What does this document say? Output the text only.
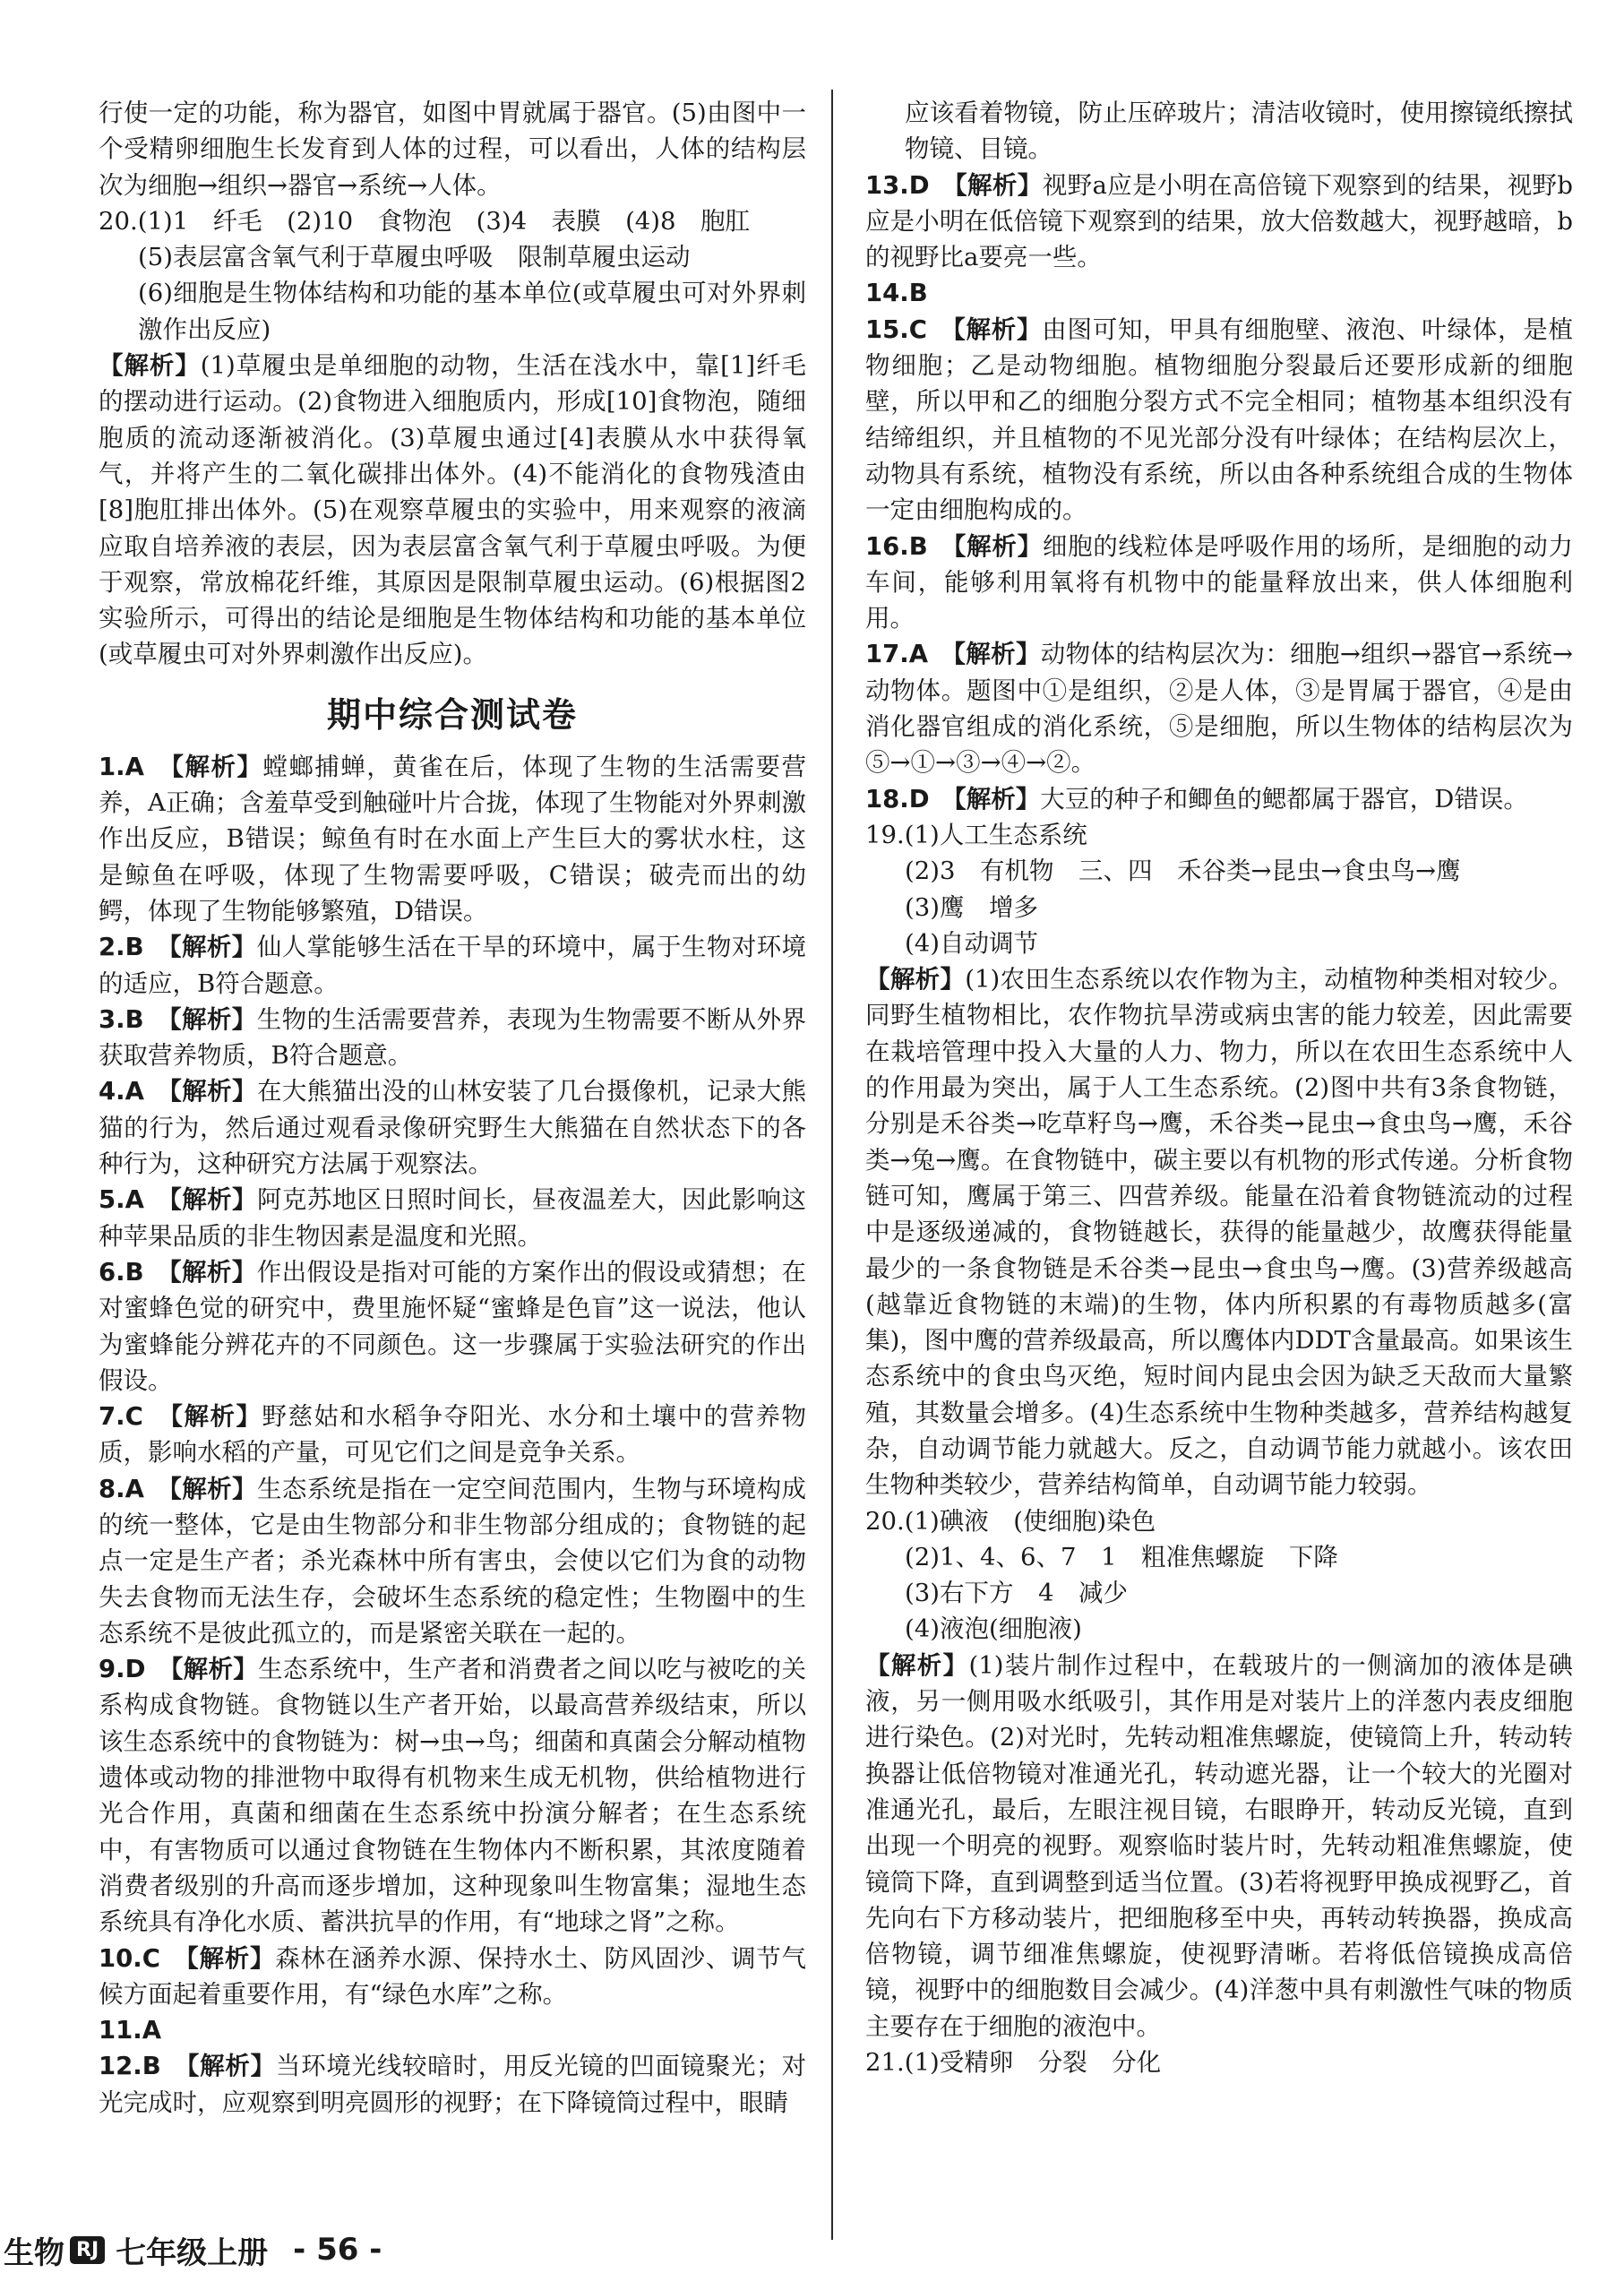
行使一定的功能，称为器官，如图中胃就属于器官。(5)由图中一个受精卵细胞生长发育到人体的过程，可以看出，人体的结构层次为细胞→组织→器官→系统→人体。

20.(1)1　纤毛　(2)10　食物泡　(3)4　表膜　(4)8　胞肛

(5)表层富含氧气利于草履虫呼吸　限制草履虫运动

(6)细胞是生物体结构和功能的基本单位(或草履虫可对外界刺激作出反应)

【解析】(1)草履虫是单细胞的动物，生活在浅水中，靠[1]纤毛的摆动进行运动。(2)食物进入细胞质内，形成[10]食物泡，随细胞质的流动逐渐被消化。(3)草履虫通过[4]表膜从水中获得氧气，并将产生的二氧化碳排出体外。(4)不能消化的食物残渣由[8]胞肛排出体外。(5)在观察草履虫的实验中，用来观察的液滴应取自培养液的表层，因为表层富含氧气利于草履虫呼吸。为便于观察，常放棉花纤维，其原因是限制草履虫运动。(6)根据图2实验所示，可得出的结论是细胞是生物体结构和功能的基本单位(或草履虫可对外界刺激作出反应)。

期中综合测试卷

1.A　 【解析】螳螂捕蝉，黄雀在后，体现了生物的生活需要营养，A正确；含羞草受到触碰叶片合拢，体现了生物能对外界刺激作出反应，B错误；鲸鱼有时在水面上产生巨大的雾状水柱，这是鲸鱼在呼吸，体现了生物需要呼吸，C错误；破壳而出的幼鳄，体现了生物能够繁殖，D错误。

2.B　 【解析】仙人掌能够生活在干旱的环境中，属于生物对环境的适应，B符合题意。

3.B　 【解析】生物的生活需要营养，表现为生物需要不断从外界获取营养物质，B符合题意。

4.A　 【解析】在大熊猫出没的山林安装了几台摄像机，记录大熊猫的行为，然后通过观看录像研究野生大熊猫在自然状态下的各种行为，这种研究方法属于观察法。

5.A　 【解析】阿克苏地区日照时间长，昼夜温差大，因此影响这种苹果品质的非生物因素是温度和光照。

6.B　 【解析】作出假设是指对可能的方案作出的假设或猜想；在对蜜蜂色觉的研究中，费里施怀疑“蜜蜂是色盲”这一说法，他认为蜜蜂能分辨花卉的不同颜色。这一步骤属于实验法研究的作出假设。

7.C　 【解析】野慈姑和水稻争夺阳光、水分和土壤中的营养物质，影响水稻的产量，可见它们之间是竞争关系。

8.A　 【解析】生态系统是指在一定空间范围内，生物与环境构成的统一整体，它是由生物部分和非生物部分组成的；食物链的起点一定是生产者；杀光森林中所有害虫，会使以它们为食的动物失去食物而无法生存，会破坏生态系统的稳定性；生物圈中的生态系统不是彼此孤立的，而是紧密关联在一起的。

9.D　 【解析】生态系统中，生产者和消费者之间以吃与被吃的关系构成食物链。食物链以生产者开始，以最高营养级结束，所以该生态系统中的食物链为：树→虫→鸟；细菌和真菌会分解动植物遗体或动物的排泄物中取得有机物来生成无机物，供给植物进行光合作用，真菌和细菌在生态系统中扮演分解者；在生态系统中，有害物质可以通过食物链在生物体内不断积累，其浓度随着消费者级别的升高而逐步增加，这种现象叫生物富集；湿地生态系统具有净化水质、蓄洪抗旱的作用，有“地球之肾”之称。

10.C　 【解析】森林在涵养水源、保持水土、防风固沙、调节气候方面起着重要作用，有“绿色水库”之称。

11.A

12.B　 【解析】当环境光线较暗时，用反光镜的凹面镜聚光；对光完成时，应观察到明亮圆形的视野；在下降镜筒过程中，眼睛

应该看着物镜，防止压碎玻片；清洁收镜时，使用擦镜纸擦拭物镜、目镜。

13.D　 【解析】视野a应是小明在高倍镜下观察到的结果，视野b应是小明在低倍镜下观察到的结果，放大倍数越大，视野越暗，b的视野比a要亮一些。

14.B

15.C　 【解析】由图可知，甲具有细胞壁、液泡、叶绿体，是植物细胞；乙是动物细胞。植物细胞分裂最后还要形成新的细胞壁，所以甲和乙的细胞分裂方式不完全相同；植物基本组织没有结缔组织，并且植物的不见光部分没有叶绿体；在结构层次上，动物具有系统，植物没有系统，所以由各种系统组合成的生物体一定由细胞构成的。

16.B　 【解析】细胞的线粒体是呼吸作用的场所，是细胞的动力车间，能够利用氧将有机物中的能量释放出来，供人体细胞利用。

17.A　 【解析】动物体的结构层次为：细胞→组织→器官→系统→动物体。题图中①是组织，②是人体，③是胃属于器官，④是由消化器官组成的消化系统，⑤是细胞，所以生物体的结构层次为⑤→①→③→④→②。

18.D　 【解析】大豆的种子和鲫鱼的鳃都属于器官，D错误。

19.(1)人工生态系统

(2)3　有机物　三、四　禾谷类→昆虫→食虫鸟→鹰

(3)鹰　增多

(4)自动调节

【解析】(1)农田生态系统以农作物为主，动植物种类相对较少。同野生植物相比，农作物抗旱涝或病虫害的能力较差，因此需要在栽培管理中投入大量的人力、物力，所以在农田生态系统中人的作用最为突出，属于人工生态系统。(2)图中共有3条食物链，分别是禾谷类→吃草籽鸟→鹰，禾谷类→昆虫→食虫鸟→鹰，禾谷类→兔→鹰。在食物链中，碳主要以有机物的形式传递。分析食物链可知，鹰属于第三、四营养级。能量在沿着食物链流动的过程中是逐级递减的，食物链越长，获得的能量越少，故鹰获得能量最少的一条食物链是禾谷类→昆虫→食虫鸟→鹰。(3)营养级越高(越靠近食物链的末端)的生物，体内所积累的有毒物质越多(富集)，图中鹰的营养级最高，所以鹰体内DDT含量最高。如果该生态系统中的食虫鸟灭绝，短时间内昆虫会因为缺乏天敌而大量繁殖，其数量会增多。(4)生态系统中生物种类越多，营养结构越复杂，自动调节能力就越大。反之，自动调节能力就越小。该农田生物种类较少，营养结构简单，自动调节能力较弱。

20.(1)碘液　(使细胞)染色

(2)1、4、6、7　1　粗准焦螺旋　下降

(3)右下方　4　减少

(4)液泡(细胞液)

【解析】(1)装片制作过程中，在载玻片的一侧滴加的液体是碘液，另一侧用吸水纸吸引，其作用是对装片上的洋葱内表皮细胞进行染色。(2)对光时，先转动粗准焦螺旋，使镜筒上升，转动转换器让低倍物镜对准通光孔，转动遮光器，让一个较大的光圈对准通光孔，最后，左眼注视目镜，右眼睁开，转动反光镜，直到出现一个明亮的视野。观察临时装片时，先转动粗准焦螺旋，使镜筒下降，直到调整到适当位置。(3)若将视野甲换成视野乙，首先向右下方移动装片，把细胞移至中央，再转动转换器，换成高倍物镜，调节细准焦螺旋，使视野清晰。若将低倍镜换成高倍镜，视野中的细胞数目会减少。(4)洋葱中具有刺激性气味的物质主要存在于细胞的液泡中。

21.(1)受精卵　分裂　分化

生物 RJ 七年级上册 - 56 -
